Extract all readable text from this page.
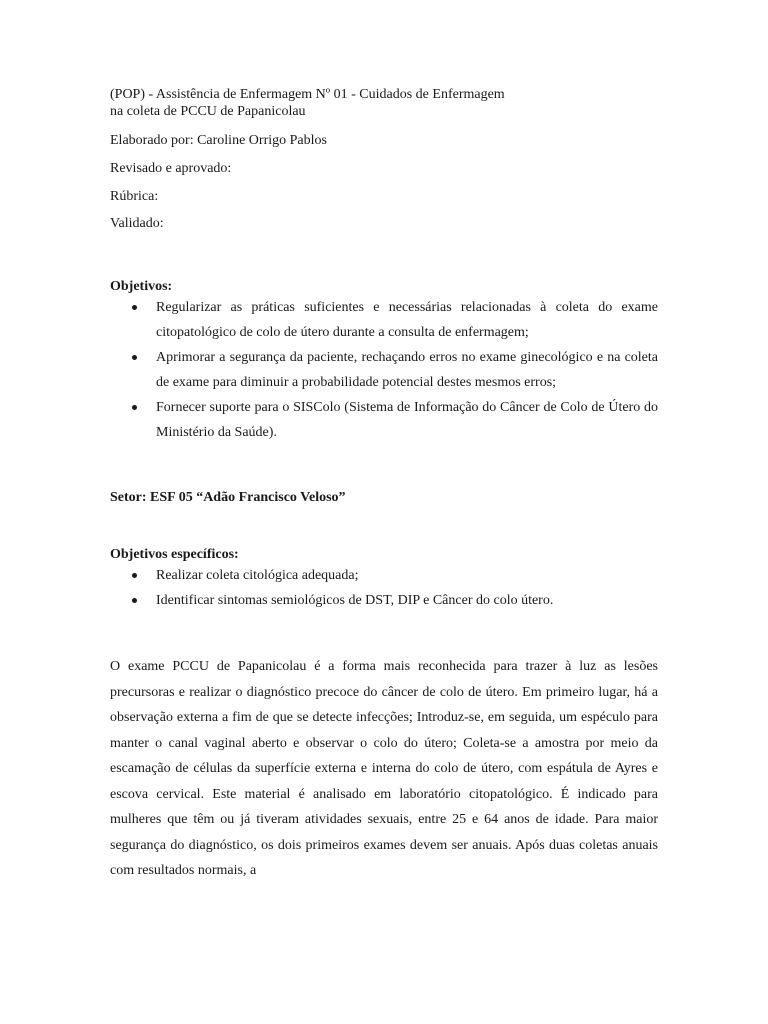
(POP) - Assistência de Enfermagem Nº 01 - Cuidados de Enfermagem

na coleta de PCCU de Papanicolau

Elaborado por: Caroline Orrigo Pablos

Revisado e aprovado:

Rúbrica:

Validado:

Objetivos:

Regularizar as práticas suficientes e necessárias relacionadas à coleta do exame citopatológico de colo de útero durante a consulta de enfermagem;
Aprimorar a segurança da paciente, rechaçando erros no exame ginecológico e na coleta de exame para diminuir a probabilidade potencial destes mesmos erros;
Fornecer suporte para o SISColo (Sistema de Informação do Câncer de Colo de Útero do Ministério da Saúde).

Setor: ESF 05 “Adão Francisco Veloso”

Objetivos específicos:

Realizar coleta citológica adequada;
Identificar sintomas semiológicos de DST, DIP e Câncer do colo útero.

O exame PCCU de Papanicolau é a forma mais reconhecida para trazer à luz as lesões precursoras e realizar o diagnóstico precoce do câncer de colo de útero. Em primeiro lugar, há a observação externa a fim de que se detecte infecções; Introduz-se, em seguida, um espéculo para manter o canal vaginal aberto e observar o colo do útero; Coleta-se a amostra por meio da escamação de células da superfície externa e interna do colo de útero, com espátula de Ayres e escova cervical. Este material é analisado em laboratório citopatológico. É indicado para mulheres que têm ou já tiveram atividades sexuais, entre 25 e 64 anos de idade. Para maior segurança do diagnóstico, os dois primeiros exames devem ser anuais. Após duas coletas anuais com resultados normais, a
